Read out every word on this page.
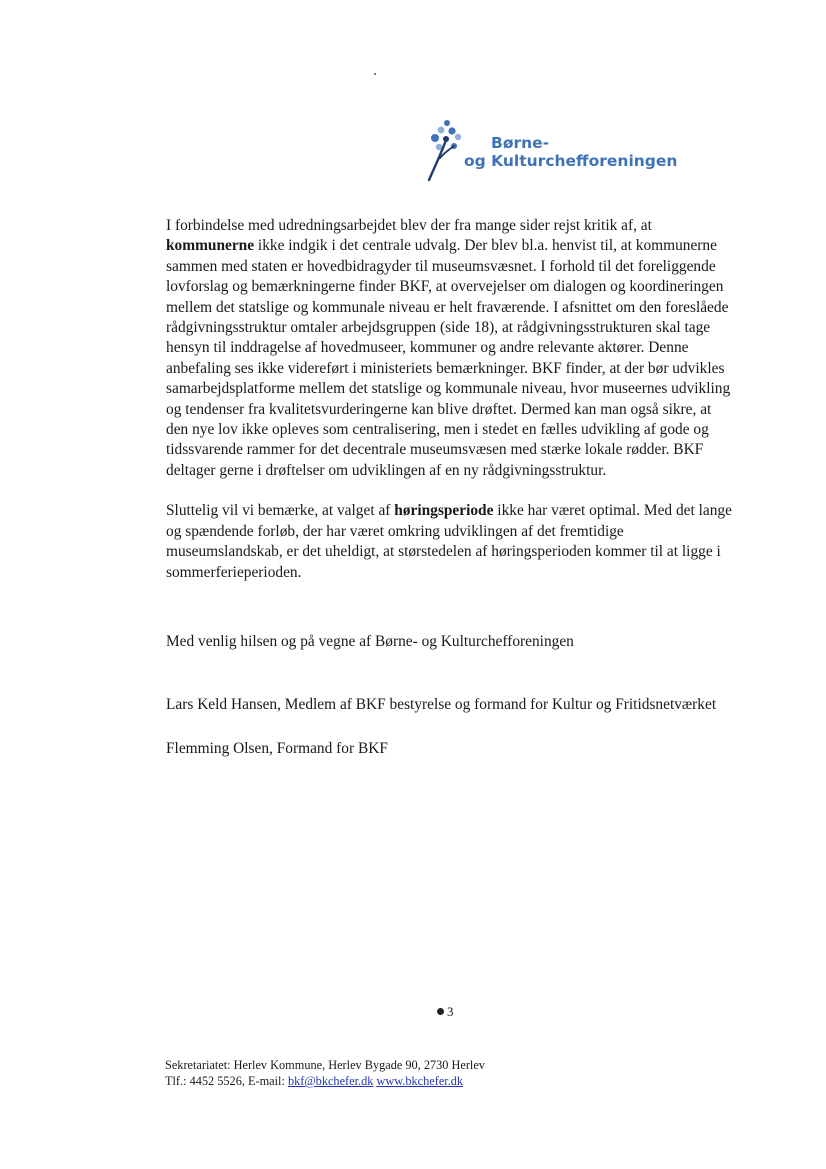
Børne-
og Kulturchefforeningen

I forbindelse med udredningsarbejdet blev der fra mange sider rejst kritik af, at
kommunerne ikke indgik i det centrale udvalg. Der blev bl.a. henvist til, at kommunerne sammen med staten er hovedbidragyder til museumsvæsnet. I forhold til det foreliggende lovforslag og bemærkningerne finder BKF, at overvejelser om dialogen og koordineringen mellem det statslige og kommunale niveau er helt fraværende. I afsnittet om den foreslåede rådgivningsstruktur omtaler arbejdsgruppen (side 18), at rådgivningsstrukturen skal tage hensyn til inddragelse af hovedmuseer, kommuner og andre relevante aktører. Denne anbefaling ses ikke videreført i ministeriets bemærkninger. BKF finder, at der bør udvikles samarbejdsplatforme mellem det statslige og kommunale niveau, hvor museernes udvikling og tendenser fra kvalitetsvurderingerne kan blive drøftet. Dermed kan man også sikre, at den nye lov ikke opleves som centralisering, men i stedet en fælles udvikling af gode og tidssvarende rammer for det decentrale museumsvæsen med stærke lokale rødder. BKF deltager gerne i drøftelser om udviklingen af en ny rådgivningsstruktur.

Sluttelig vil vi bemærke, at valget af høringsperiode ikke har været optimal. Med det lange og spændende forløb, der har været omkring udviklingen af det fremtidige museumslandskab, er det uheldigt, at størstedelen af høringsperioden kommer til at ligge i sommerferieperioden.

Med venlig hilsen og på vegne af Børne- og Kulturchefforeningen

Lars Keld Hansen, Medlem af BKF bestyrelse og formand for Kultur og Fritidsnetværket

Flemming Olsen, Formand for BKF

3

Sekretariatet: Herlev Kommune, Herlev Bygade 90, 2730 Herlev

Tlf.: 4452 5526, E-mail: bkf@bkchefer.dk www.bkchefer.dk
